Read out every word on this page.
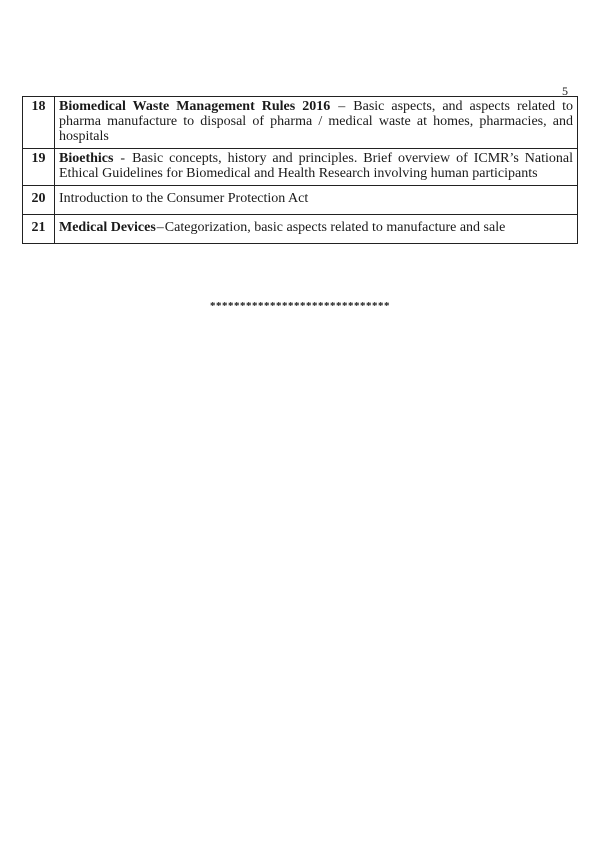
5
18	Biomedical Waste Management Rules 2016 – Basic aspects, and aspects related to pharma manufacture to disposal of pharma / medical waste at homes, pharmacies, and hospitals
19	Bioethics - Basic concepts, history and principles. Brief overview of ICMR’s National Ethical Guidelines for Biomedical and Health Research involving human participants
20	Introduction to the Consumer Protection Act
21	Medical Devices–Categorization, basic aspects related to manufacture and sale
******************************
